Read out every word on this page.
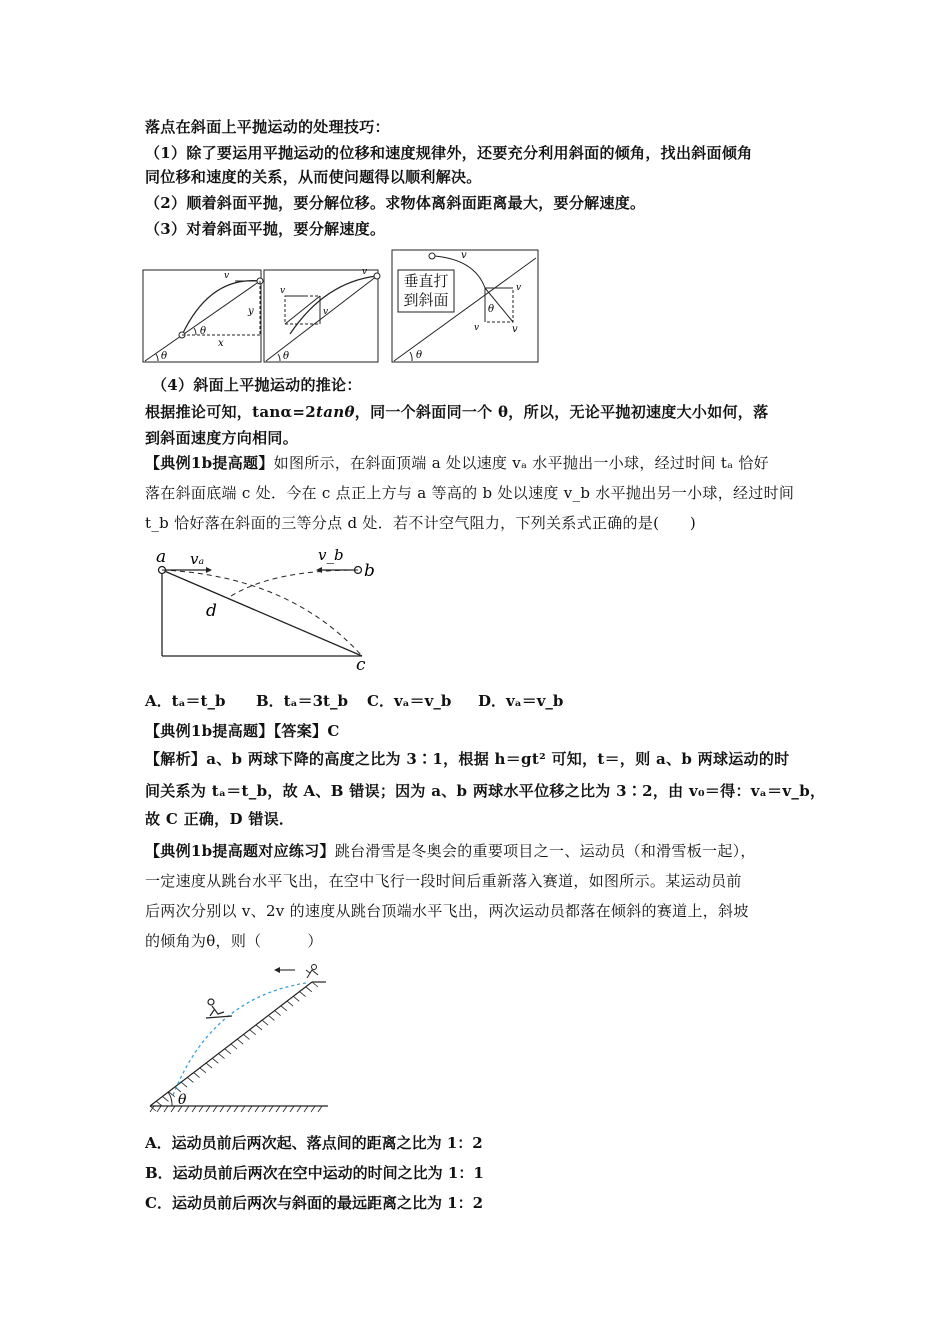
落点在斜面上平抛运动的处理技巧：
（1）除了要运用平抛运动的位移和速度规律外，还要充分利用斜面的倾角，找出斜面倾角
同位移和速度的关系，从而使问题得以顺利解决。
（2）顺着斜面平抛，要分解位移。求物体离斜面距离最大，要分解速度。
（3）对着斜面平抛，要分解速度。
v
θ
θ
x
y
v
v
v
θ
v
垂直打到斜面
v
v	v
θ
θ
（4）斜面上平抛运动的推论：
根据推论可知，tanα=2tanθ，同一个斜面同一个 θ，所以，无论平抛初速度大小如何，落
到斜面速度方向相同。
【典例1b提高题】如图所示，在斜面顶端 a 处以速度 vₐ 水平抛出一小球，经过时间 tₐ 恰好
落在斜面底端 c 处．今在 c 点正上方与 a 等高的 b 处以速度 v_b 水平抛出另一小球，经过时间
t_b 恰好落在斜面的三等分点 d 处．若不计空气阻力，下列关系式正确的是(　　)
a vₐ	v_b
b
d
c
A．tₐ＝t_b B．tₐ＝3t_b C．vₐ＝v_b D．vₐ＝v_b
【典例1b提高题】【答案】C
【解析】a、b 两球下降的高度之比为 3∶1，根据 h＝gt² 可知，t＝，则 a、b 两球运动的时
间关系为 tₐ＝t_b，故 A、B 错误；因为 a、b 两球水平位移之比为 3∶2，由 v₀＝得：vₐ＝v_b，
故 C 正确，D 错误．
【典例1b提高题对应练习】跳台滑雪是冬奥会的重要项目之一、运动员（和滑雪板一起），
一定速度从跳台水平飞出，在空中飞行一段时间后重新落入赛道，如图所示。某运动员前
后两次分别以 v、2v 的速度从跳台顶端水平飞出，两次运动员都落在倾斜的赛道上，斜坡
的倾角为θ，则（　　　）
θ
A．运动员前后两次起、落点间的距离之比为 1：2
B．运动员前后两次在空中运动的时间之比为 1：1
C．运动员前后两次与斜面的最远距离之比为 1：2
